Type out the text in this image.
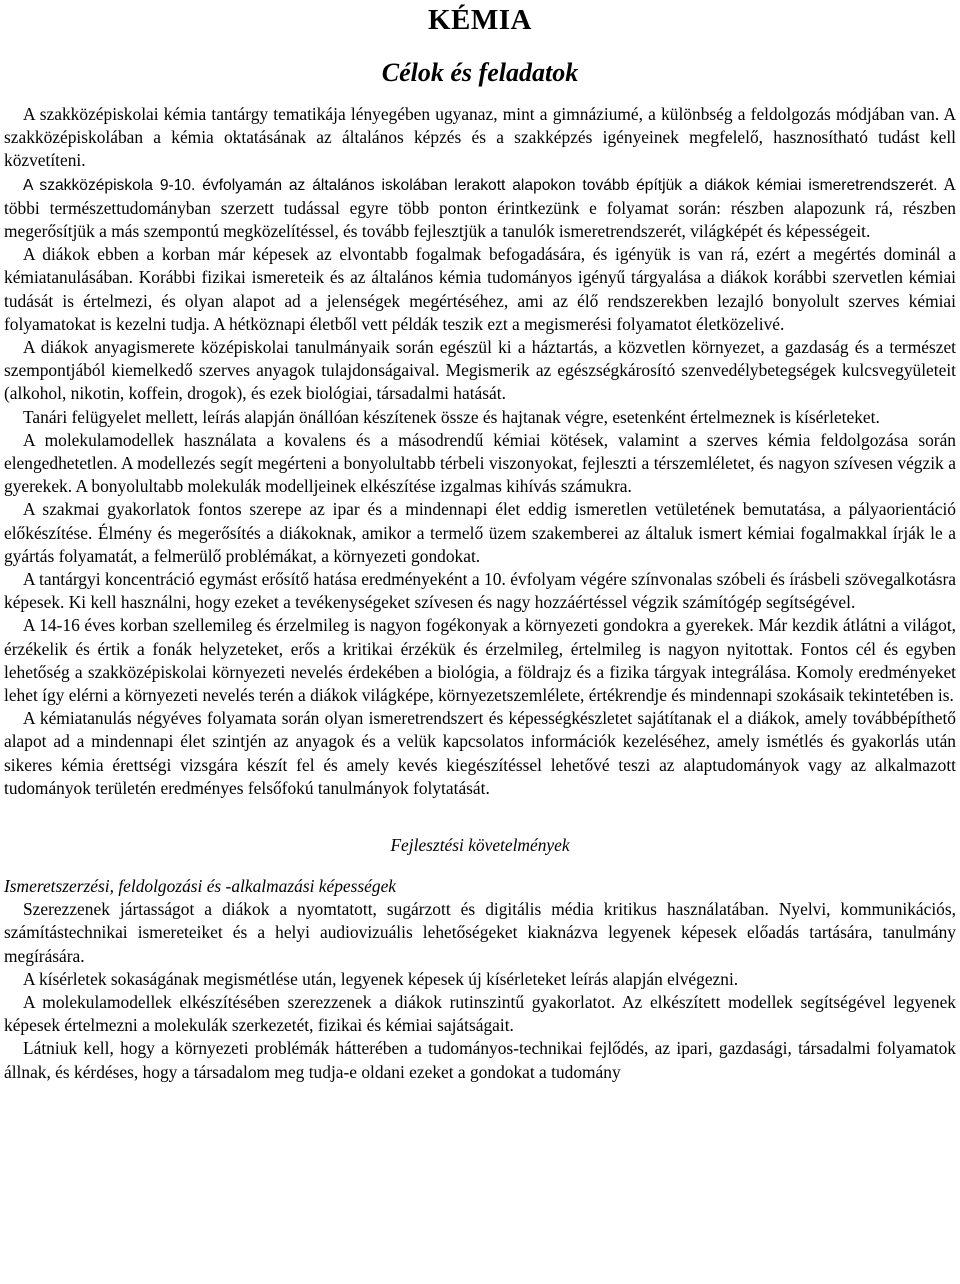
KÉMIA
Célok és feladatok

A szakközépiskolai kémia tantárgy tematikája lényegében ugyanaz, mint a gimnáziumé, a különbség a feldolgozás módjában van. A szakközépiskolában a kémia oktatásának az általános képzés és a szakképzés igényeinek megfelelő, hasznosítható tudást kell közvetíteni.

A szakközépiskola 9-10. évfolyamán az általános iskolában lerakott alapokon tovább építjük a diákok kémiai ismeretrendszerét. A többi természettudományban szerzett tudással egyre több ponton érintkezünk e folyamat során: részben alapozunk rá, részben megerősítjük a más szempontú megközelítéssel, és tovább fejlesztjük a tanulók ismeretrendszerét, világképét és képességeit.

A diákok ebben a korban már képesek az elvontabb fogalmak befogadására, és igényük is van rá, ezért a megértés dominál a kémiatanulásában. Korábbi fizikai ismereteik és az általános kémia tudományos igényű tárgyalása a diákok korábbi szervetlen kémiai tudását is értelmezi, és olyan alapot ad a jelenségek megértéséhez, ami az élő rendszerekben lezajló bonyolult szerves kémiai folyamatokat is kezelni tudja. A hétköznapi életből vett példák teszik ezt a megismerési folyamatot életközelivé.

A diákok anyagismerete középiskolai tanulmányaik során egészül ki a háztartás, a közvetlen környezet, a gazdaság és a természet szempontjából kiemelkedő szerves anyagok tulajdonságaival. Megismerik az egészségkárosító szenvedélybetegségek kulcsvegyületeit (alkohol, nikotin, koffein, drogok), és ezek biológiai, társadalmi hatását.

Tanári felügyelet mellett, leírás alapján önállóan készítenek össze és hajtanak végre, esetenként értelmeznek is kísérleteket.

A molekulamodellek használata a kovalens és a másodrendű kémiai kötések, valamint a szerves kémia feldolgozása során elengedhetetlen. A modellezés segít megérteni a bonyolultabb térbeli viszonyokat, fejleszti a térszemléletet, és nagyon szívesen végzik a gyerekek. A bonyolultabb molekulák modelljeinek elkészítése izgalmas kihívás számukra.

A szakmai gyakorlatok fontos szerepe az ipar és a mindennapi élet eddig ismeretlen vetületének bemutatása, a pályaorientáció előkészítése. Élmény és megerősítés a diákoknak, amikor a termelő üzem szakemberei az általuk ismert kémiai fogalmakkal írják le a gyártás folyamatát, a felmerülő problémákat, a környezeti gondokat.

A tantárgyi koncentráció egymást erősítő hatása eredményeként a 10. évfolyam végére színvonalas szóbeli és írásbeli szövegalkotásra képesek. Ki kell használni, hogy ezeket a tevékenységeket szívesen és nagy hozzáértéssel végzik számítógép segítségével.

A 14-16 éves korban szellemileg és érzelmileg is nagyon fogékonyak a környezeti gondokra a gyerekek. Már kezdik átlátni a világot, érzékelik és értik a fonák helyzeteket, erős a kritikai érzékük és érzelmileg, értelmileg is nagyon nyitottak. Fontos cél és egyben lehetőség a szakközépiskolai környezeti nevelés érdekében a biológia, a földrajz és a fizika tárgyak integrálása. Komoly eredményeket lehet így elérni a környezeti nevelés terén a diákok világképe, környezetszemlélete, értékrendje és mindennapi szokásaik tekintetében is.

A kémiatanulás négyéves folyamata során olyan ismeretrendszert és képességkészletet sajátítanak el a diákok, amely továbbépíthető alapot ad a mindennapi élet szintjén az anyagok és a velük kapcsolatos információk kezeléséhez, amely ismétlés és gyakorlás után sikeres kémia érettségi vizsgára készít fel és amely kevés kiegészítéssel lehetővé teszi az alaptudományok vagy az alkalmazott tudományok területén eredményes felsőfokú tanulmányok folytatását.

Fejlesztési követelmények
Ismeretszerzési, feldolgozási és -alkalmazási képességek

Szerezzenek jártasságot a diákok a nyomtatott, sugárzott és digitális média kritikus használatában. Nyelvi, kommunikációs, számítástechnikai ismereteiket és a helyi audiovizuális lehetőségeket kiaknázva legyenek képesek előadás tartására, tanulmány megírására.

A kísérletek sokaságának megismétlése után, legyenek képesek új kísérleteket leírás alapján elvégezni.

A molekulamodellek elkészítésében szerezzenek a diákok rutinszintű gyakorlatot. Az elkészített modellek segítségével legyenek képesek értelmezni a molekulák szerkezetét, fizikai és kémiai sajátságait.

Látniuk kell, hogy a környezeti problémák hátterében a tudományos-technikai fejlődés, az ipari, gazdasági, társadalmi folyamatok állnak, és kérdéses, hogy a társadalom meg tudja-e oldani ezeket a gondokat a tudomány
